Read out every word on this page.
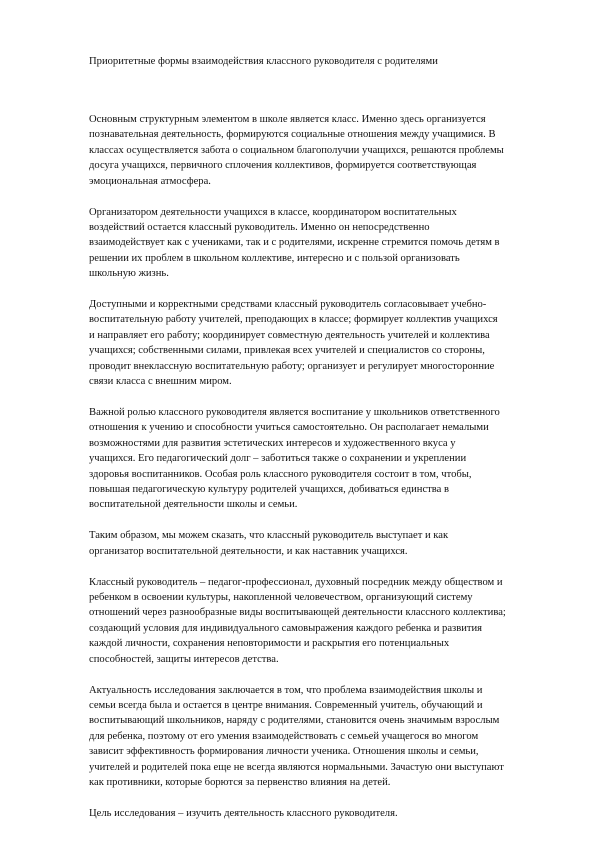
Приоритетные формы взаимодействия классного руководителя с родителями

Основным структурным элементом в школе является класс. Именно здесь организуется
познавательная деятельность, формируются социальные отношения между учащимися. В
классах осуществляется забота о социальном благополучии учащихся, решаются проблемы
досуга учащихся, первичного сплочения коллективов, формируется соответствующая
эмоциональная атмосфера.

Организатором деятельности учащихся в классе, координатором воспитательных
воздействий остается классный руководитель. Именно он непосредственно
взаимодействует как с учениками, так и с родителями, искренне стремится помочь детям в
решении их проблем в школьном коллективе, интересно и с пользой организовать
школьную жизнь.

Доступными и корректными средствами классный руководитель согласовывает учебно-
воспитательную работу учителей, преподающих в классе; формирует коллектив учащихся
и направляет его работу; координирует совместную деятельность учителей и коллектива
учащихся; собственными силами, привлекая всех учителей и специалистов со стороны,
проводит внеклассную воспитательную работу; организует и регулирует многосторонние
связи класса с внешним миром.

Важной ролью классного руководителя является воспитание у школьников ответственного
отношения к учению и способности учиться самостоятельно. Он располагает немалыми
возможностями для развития эстетических интересов и художественного вкуса у
учащихся. Его педагогический долг – заботиться также о сохранении и укреплении
здоровья воспитанников. Особая роль классного руководителя состоит в том, чтобы,
повышая педагогическую культуру родителей учащихся, добиваться единства в
воспитательной деятельности школы и семьи.

Таким образом, мы можем сказать, что классный руководитель выступает и как
организатор воспитательной деятельности, и как наставник учащихся.

Классный руководитель – педагог-профессионал, духовный посредник между обществом и
ребенком в освоении культуры, накопленной человечеством, организующий систему
отношений через разнообразные виды воспитывающей деятельности классного коллектива;
создающий условия для индивидуального самовыражения каждого ребенка и развития
каждой личности, сохранения неповторимости и раскрытия его потенциальных
способностей, защиты интересов детства.

Актуальность исследования заключается в том, что проблема взаимодействия школы и
семьи всегда была и остается в центре внимания. Современный учитель, обучающий и
воспитывающий школьников, наряду с родителями, становится очень значимым взрослым
для ребенка, поэтому от его умения взаимодействовать с семьей учащегося во многом
зависит эффективность формирования личности ученика. Отношения школы и семьи,
учителей и родителей пока еще не всегда являются нормальными. Зачастую они выступают
как противники, которые борются за первенство влияния на детей.

Цель исследования – изучить деятельность классного руководителя.
